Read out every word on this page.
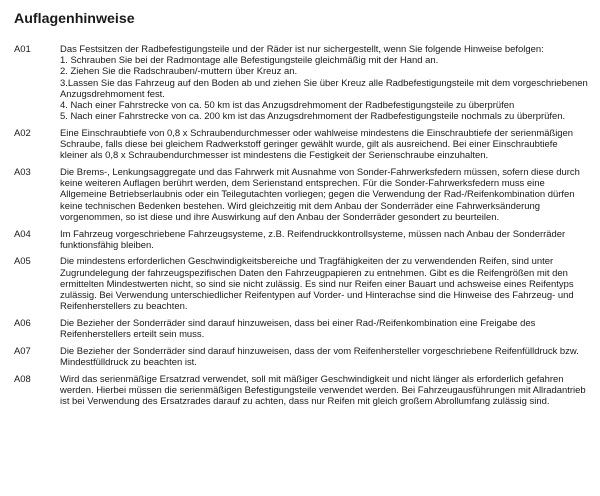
Auflagenhinweise
A01	Das Festsitzen der Radbefestigungsteile und der Räder ist nur sichergestellt, wenn Sie folgende Hinweise befolgen:
1. Schrauben Sie bei der Radmontage alle Befestigungsteile gleichmäßig mit der Hand an.
2. Ziehen Sie die Radschrauben/-muttern über Kreuz an.
3.Lassen Sie das Fahrzeug auf den Boden ab und ziehen Sie über Kreuz alle Radbefestigungsteile mit dem vorgeschriebenen Anzugsdrehmoment fest.
4. Nach einer Fahrstrecke von ca. 50 km ist das Anzugsdrehmoment der Radbefestigungsteile zu überprüfen
5. Nach einer Fahrstrecke von ca. 200 km ist das Anzugsdrehmoment der Radbefestigungsteile nochmals zu überprüfen.
A02	Eine Einschraubtiefe von 0,8 x Schraubendurchmesser oder wahlweise mindestens die Einschraubtiefe der serienmäßigen Schraube, falls diese bei gleichem Radwerkstoff geringer gewählt wurde, gilt als ausreichend. Bei einer Einschraubtiefe kleiner als 0,8 x Schraubendurchmesser ist mindestens die Festigkeit der Serienschraube einzuhalten.
A03	Die Brems-, Lenkungsaggregate und das Fahrwerk mit Ausnahme von Sonder-Fahrwerksfedern müssen, sofern diese durch keine weiteren Auflagen berührt werden, dem Serienstand entsprechen. Für die Sonder-Fahrwerksfedern muss eine Allgemeine Betriebserlaubnis oder ein Teilegutachten vorliegen; gegen die Verwendung der Rad-/Reifenkombination dürfen keine technischen Bedenken bestehen. Wird gleichzeitig mit dem Anbau der Sonderräder eine Fahrwerksänderung vorgenommen, so ist diese und ihre Auswirkung auf den Anbau der Sonderräder gesondert zu beurteilen.
A04	Im Fahrzeug vorgeschriebene Fahrzeugsysteme, z.B. Reifendruckkontrollsysteme, müssen nach Anbau der Sonderräder funktionsfähig bleiben.
A05	Die mindestens erforderlichen Geschwindigkeitsbereiche und Tragfähigkeiten der zu verwendenden Reifen, sind unter Zugrundelegung der fahrzeugspezifischen Daten den Fahrzeugpapieren zu entnehmen. Gibt es die Reifengrößen mit den ermittelten Mindestwerten nicht, so sind sie nicht zulässig. Es sind nur Reifen einer Bauart und achsweise eines Reifentyps zulässig. Bei Verwendung unterschiedlicher Reifentypen auf Vorder- und Hinterachse sind die Hinweise des Fahrzeug- und Reifenherstellers zu beachten.
A06	Die Bezieher der Sonderräder sind darauf hinzuweisen, dass bei einer Rad-/Reifenkombination eine Freigabe des Reifenherstellers erteilt sein muss.
A07	Die Bezieher der Sonderräder sind darauf hinzuweisen, dass der vom Reifenhersteller vorgeschriebene Reifenfülldruck bzw. Mindestfülldruck zu beachten ist.
A08	Wird das serienmäßige Ersatzrad verwendet, soll mit mäßiger Geschwindigkeit und nicht länger als erforderlich gefahren werden. Hierbei müssen die serienmäßigen Befestigungsteile verwendet werden. Bei Fahrzeugausführungen mit Allradantrieb ist bei Verwendung des Ersatzrades darauf zu achten, dass nur Reifen mit gleich großem Abrollumfang zulässig sind.
